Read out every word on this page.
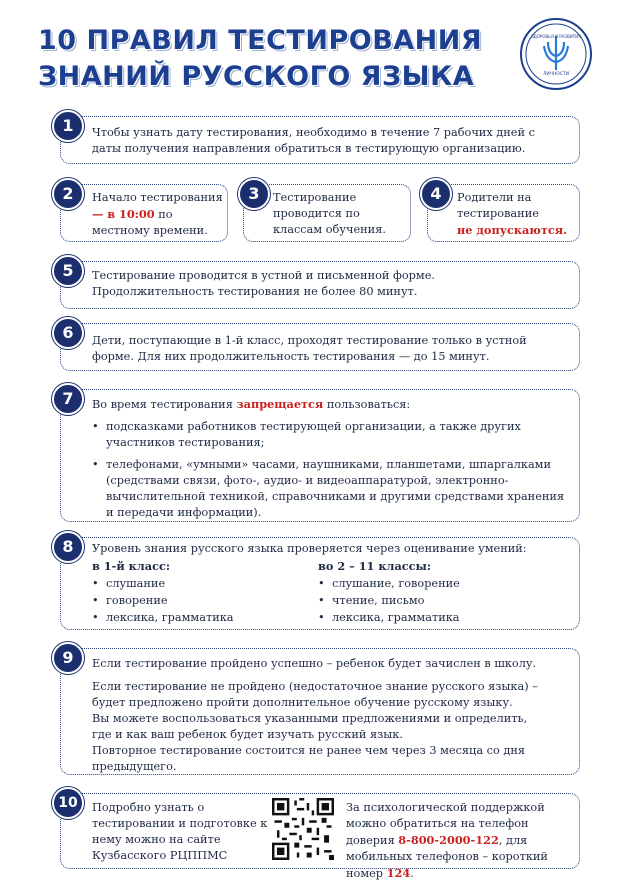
10 ПРАВИЛ ТЕСТИРОВАНИЯ
ЗНАНИЙ РУССКОГО ЯЗЫКА
ЗДОРОВЬЯ И РАЗВИТИЯ
ЛИЧНОСТИ
1	Чтобы узнать дату тестирования, необходимо в течение 7 рабочих дней с даты получения направления обратиться в тестирующую организацию.
2	Начало тестирования
— в 10:00 по местному времени.
3	Тестирование проводится по классам обучения.
4	Родители на тестирование
не допускаются.
5	Тестирование проводится в устной и письменной форме.
Продолжительность тестирования не более 80 минут.
6	Дети, поступающие в 1-й класс, проходят тестирование только в устной форме. Для них продолжительность тестирования — до 15 минут.
7	Во время тестирования запрещается пользоваться:
• подсказками работников тестирующей организации, а также других участников тестирования;
• телефонами, «умными» часами, наушниками, планшетами, шпаргалками (средствами связи, фото-, аудио- и видеоаппаратурой, электронно-вычислительной техникой, справочниками и другими средствами хранения и передачи информации).
8	Уровень знания русского языка проверяется через оценивание умений:
в 1-й класс:
• слушание
• говорение
• лексика, грамматика
во 2 – 11 классы:
• слушание, говорение
• чтение, письмо
• лексика, грамматика
9	Если тестирование пройдено успешно – ребенок будет зачислен в школу.
Если тестирование не пройдено (недостаточное знание русского языка) – будет предложено пройти дополнительное обучение русскому языку.
Вы можете воспользоваться указанными предложениями и определить, где и как ваш ребенок будет изучать русский язык.
Повторное тестирование состоится не ранее чем через 3 месяца со дня предыдущего.
10	Подробно узнать о тестировании и подготовке к нему можно на сайте Кузбасского РЦППМС
За психологической поддержкой можно обратиться на телефон доверия 8-800-2000-122, для мобильных телефонов – короткий номер 124.
